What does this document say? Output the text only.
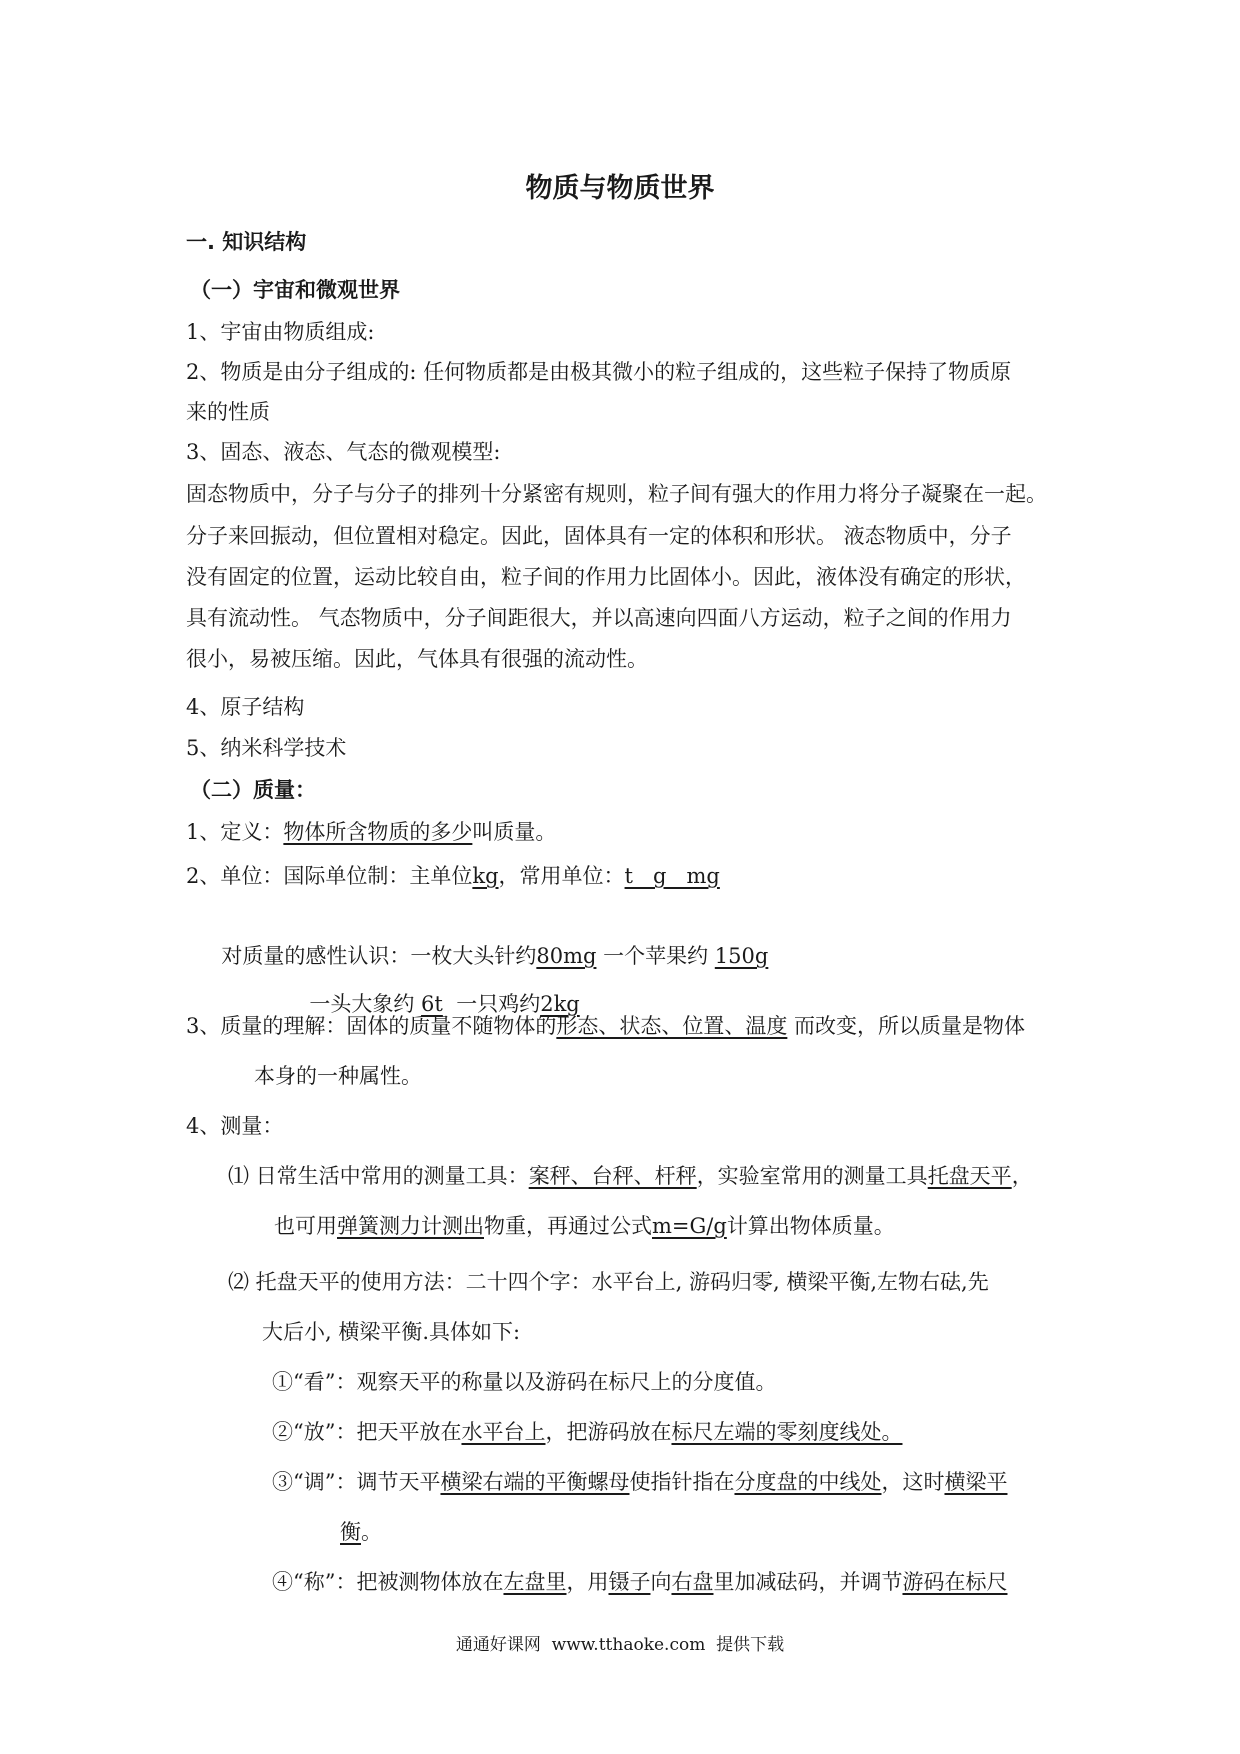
物质与物质世界
一. 知识结构
（一）宇宙和微观世界
1、宇宙由物质组成:
2、物质是由分子组成的: 任何物质都是由极其微小的粒子组成的，这些粒子保持了物质原
来的性质
3、固态、液态、气态的微观模型:
固态物质中，分子与分子的排列十分紧密有规则，粒子间有强大的作用力将分子凝聚在一起。
分子来回振动，但位置相对稳定。因此，固体具有一定的体积和形状。 液态物质中，分子
没有固定的位置，运动比较自由，粒子间的作用力比固体小。因此，液体没有确定的形状，
具有流动性。 气态物质中，分子间距很大，并以高速向四面八方运动，粒子之间的作用力
很小，易被压缩。因此，气体具有很强的流动性。
4、原子结构
5、纳米科学技术
（二）质量：
1、定义：物体所含物质的多少叫质量。
2、单位：国际单位制：主单位kg，常用单位：t   g   mg

对质量的感性认识：一枚大头针约80mg 一个苹果约 150g

一头大象约 6t  一只鸡约2kg

3、质量的理解：固体的质量不随物体的形态、状态、位置、温度 而改变，所以质量是物体
本身的一种属性。
4、测量：
⑴ 日常生活中常用的测量工具：案秤、台秤、杆秤，实验室常用的测量工具托盘天平，
也可用弹簧测力计测出物重，再通过公式m=G/g计算出物体质量。
⑵ 托盘天平的使用方法：二十四个字：水平台上, 游码归零, 横梁平衡,左物右砝,先
大后小, 横梁平衡.具体如下:
①“看”：观察天平的称量以及游码在标尺上的分度值。
②“放”：把天平放在水平台上，把游码放在标尺左端的零刻度线处。
③“调”：调节天平横梁右端的平衡螺母使指针指在分度盘的中线处，这时横梁平
衡。
④“称”：把被测物体放在左盘里，用镊子向右盘里加减砝码，并调节游码在标尺
通通好课网  www.tthaoke.com  提供下载
